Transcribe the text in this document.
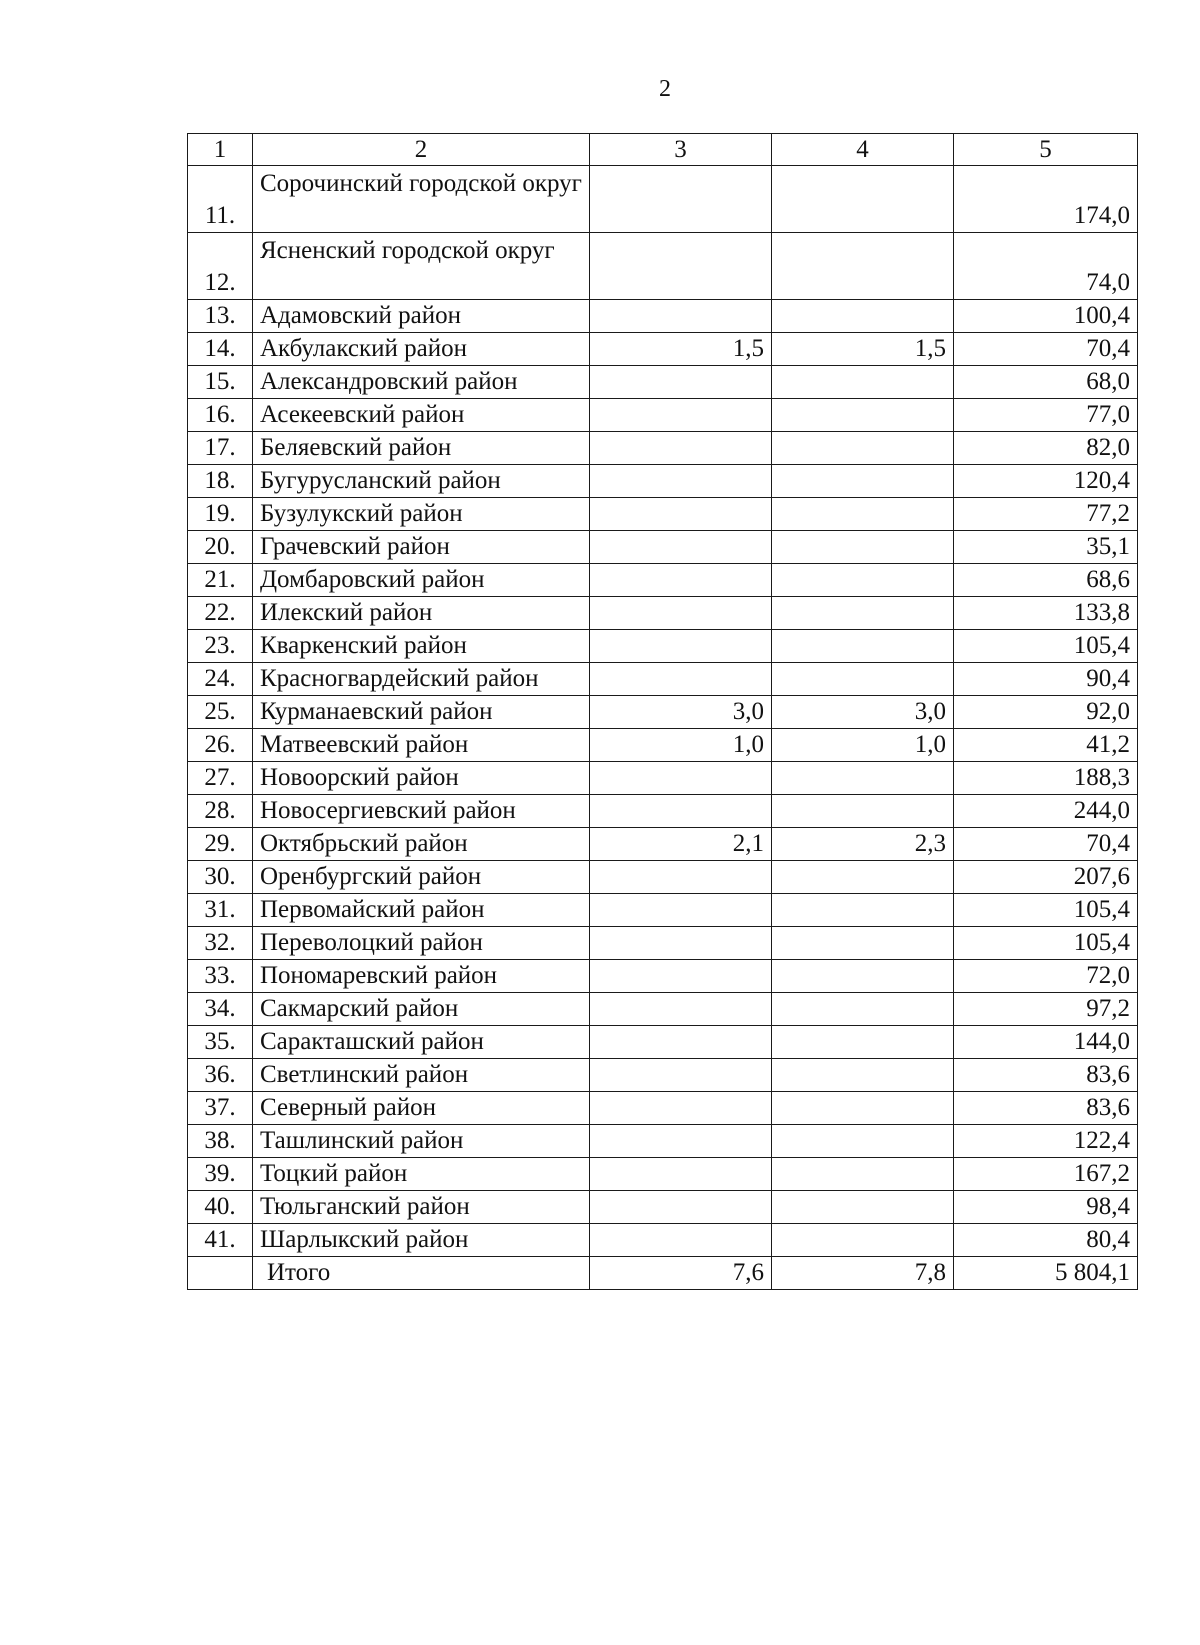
2
1	2	3	4	5
11.	Сорочинский городской округ			174,0
12.	Ясненский городской округ			74,0
13.	Адамовский район			100,4
14.	Акбулакский район	1,5	1,5	70,4
15.	Александровский район			68,0
16.	Асекеевский район			77,0
17.	Беляевский район			82,0
18.	Бугурусланский район			120,4
19.	Бузулукский район			77,2
20.	Грачевский район			35,1
21.	Домбаровский район			68,6
22.	Илекский район			133,8
23.	Кваркенский район			105,4
24.	Красногвардейский район			90,4
25.	Курманаевский район	3,0	3,0	92,0
26.	Матвеевский район	1,0	1,0	41,2
27.	Новоорский район			188,3
28.	Новосергиевский район			244,0
29.	Октябрьский район	2,1	2,3	70,4
30.	Оренбургский район			207,6
31.	Первомайский район			105,4
32.	Переволоцкий район			105,4
33.	Пономаревский район			72,0
34.	Сакмарский район			97,2
35.	Саракташский район			144,0
36.	Светлинский район			83,6
37.	Северный район			83,6
38.	Ташлинский район			122,4
39.	Тоцкий район			167,2
40.	Тюльганский район			98,4
41.	Шарлыкский район			80,4
	Итого	7,6	7,8	5 804,1
